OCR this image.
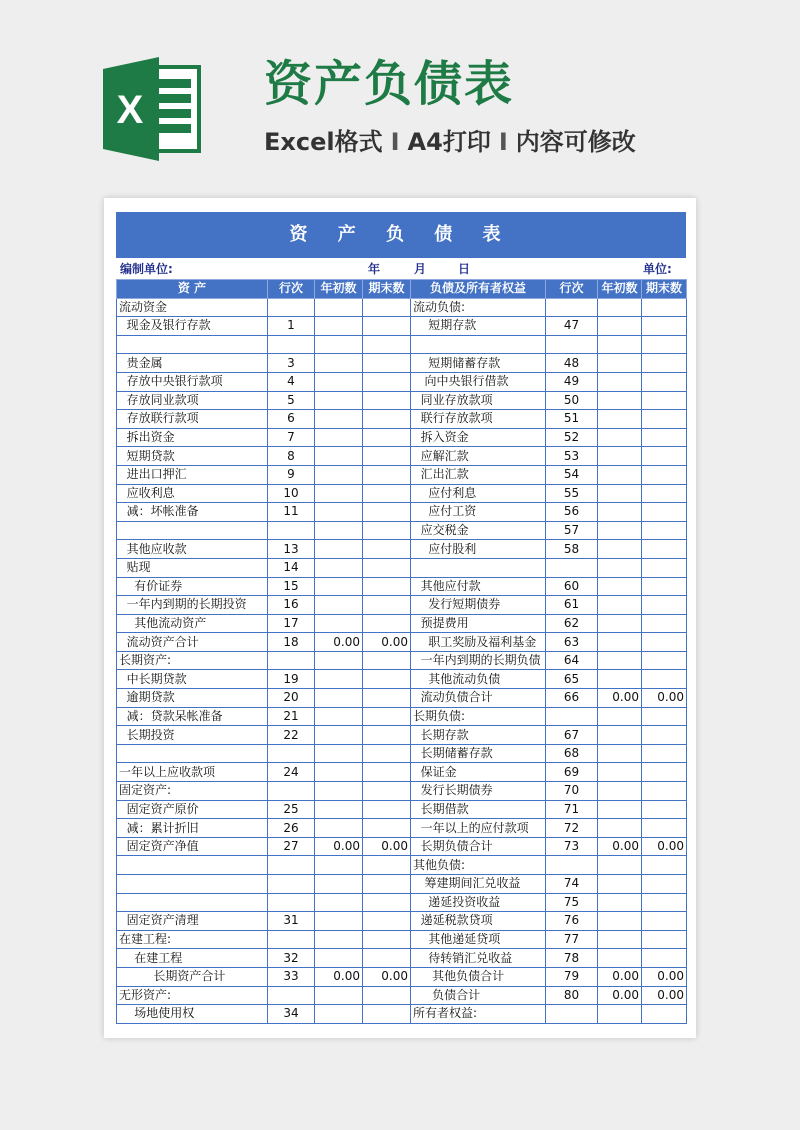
X	资产负债表
Excel格式 I A4打印 I 内容可修改
资 产 负 债 表
编制单位:	年	月	日	单位:
资 产	行次	年初数	期末数	负债及所有者权益	行次	年初数	期末数
流动资金				流动负债:			
现金及银行存款	1			短期存款	47		

贵金属	3			短期储蓄存款	48		
存放中央银行款项	4			向中央银行借款	49		
存放同业款项	5			同业存放款项	50		
存放联行款项	6			联行存放款项	51		
拆出资金	7			拆入资金	52		
短期贷款	8			应解汇款	53		
进出口押汇	9			汇出汇款	54		
应收利息	10			应付利息	55		
减：坏帐准备	11			应付工资	56		
				应交税金	57		
其他应收款	13			应付股利	58		
贴现	14						
有价证券	15			其他应付款	60		
一年内到期的长期投资	16			发行短期债券	61		
其他流动资产	17			预提费用	62		
流动资产合计	18	0.00	0.00	职工奖励及福利基金	63		
长期资产:				一年内到期的长期负债	64		
中长期贷款	19			其他流动负债	65		
逾期贷款	20			流动负债合计	66	0.00	0.00
减：贷款呆帐准备	21			长期负债:			
长期投资	22			长期存款	67		
				长期储蓄存款	68		
一年以上应收款项	24			保证金	69		
固定资产:				发行长期债券	70		
固定资产原价	25			长期借款	71		
减：累计折旧	26			一年以上的应付款项	72		
固定资产净值	27	0.00	0.00	长期负债合计	73	0.00	0.00
				其他负债:			
				筹建期间汇兑收益	74		
				递延投资收益	75		
固定资产清理	31			递延税款贷项	76		
在建工程:				其他递延贷项	77		
在建工程	32			待转销汇兑收益	78		
长期资产合计	33	0.00	0.00	其他负债合计	79	0.00	0.00
无形资产:				负债合计	80	0.00	0.00
场地使用权	34			所有者权益:			
